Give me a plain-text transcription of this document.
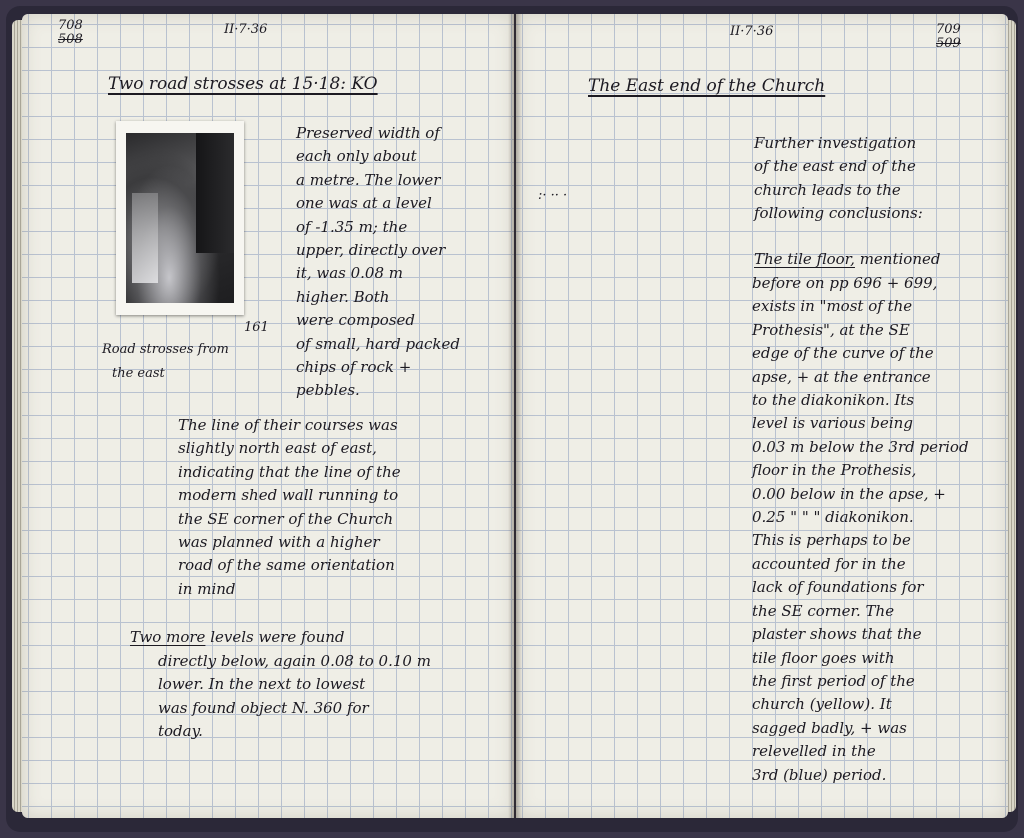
508
708	II·7·36
Two road strosses at 15·18: KO
161
Road strosses from
the east
Preserved width of
each only about
a metre. The lower
one was at a level
of -1.35 m; the
upper, directly over
it, was 0.08 m
higher. Both
were composed
of small, hard packed
chips of rock +
pebbles.
The line of their courses was
slightly north east of east,
indicating that the line of the
modern shed wall running to
the SE corner of the Church
was planned with a higher
road of the same orientation
in mind
Two more levels were found
directly below, again 0.08 to 0.10 m
lower. In the next to lowest
was found object N. 360 for
today.
II·7·36	709
509
The East end of the Church
:· ·· ·
Further investigation
of the east end of the
church leads to the
following conclusions:
The tile floor, mentioned
before on pp 696 + 699,
exists in "most of the
Prothesis", at the SE
edge of the curve of the
apse, + at the entrance
to the diakonikon. Its
level is various being
0.03 m below the 3rd period
floor in the Prothesis,
0.00 below in the apse, +
0.25 " " " diakonikon.
This is perhaps to be
accounted for in the
lack of foundations for
the SE corner. The
plaster shows that the
tile floor goes with
the first period of the
church (yellow). It
sagged badly, + was
relevelled in the
3rd (blue) period.
